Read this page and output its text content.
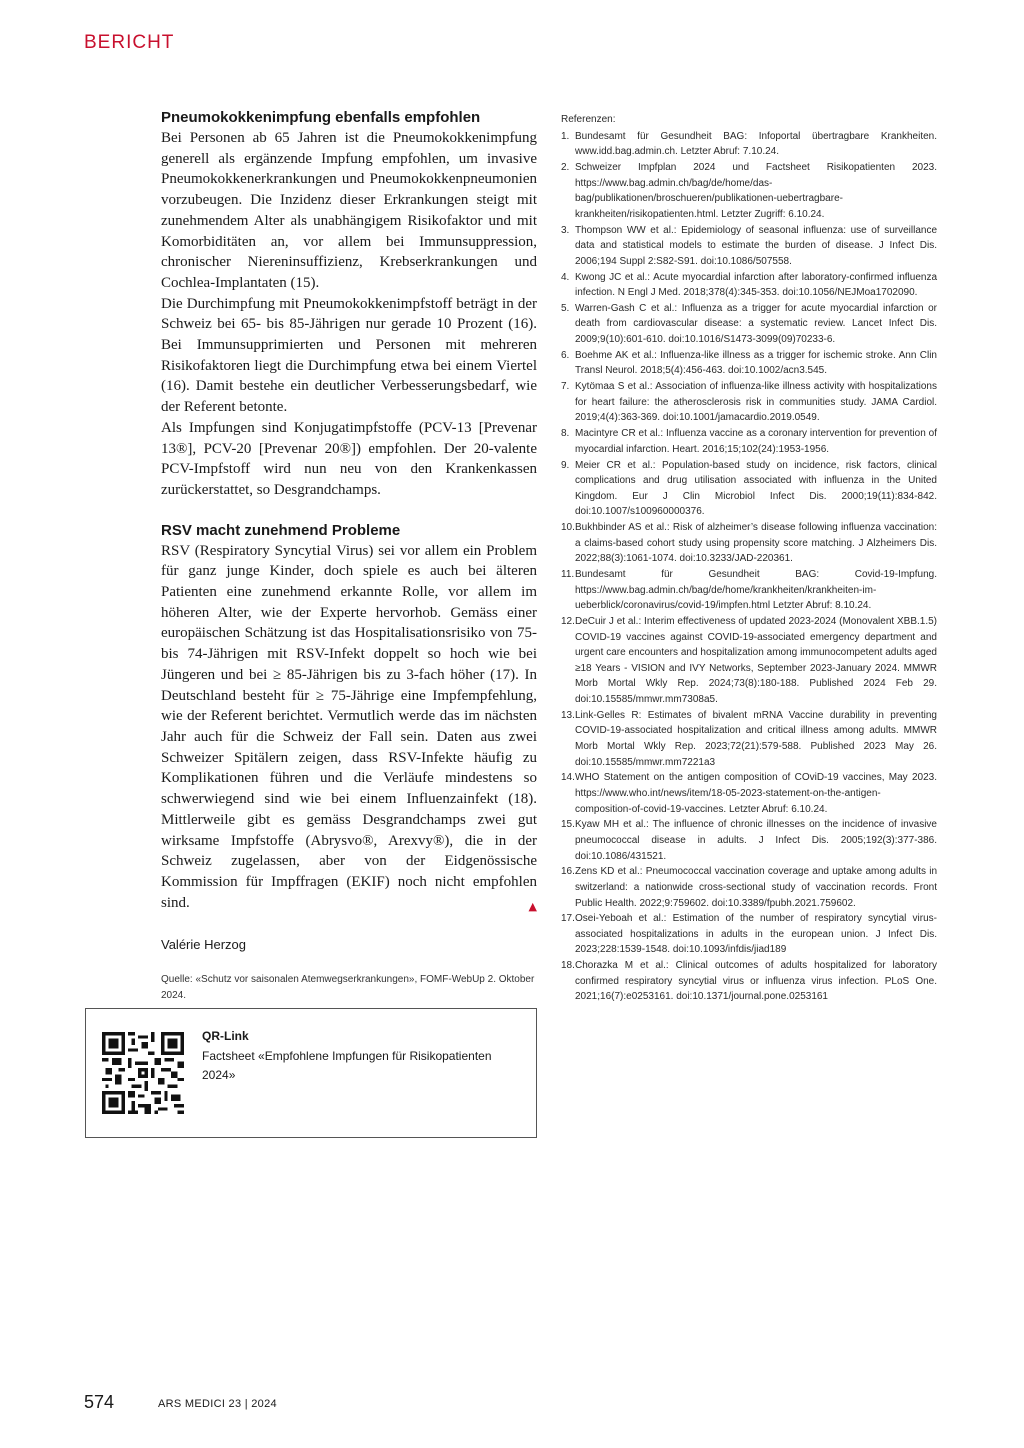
BERICHT
Pneumokokkenimpfung ebenfalls empfohlen

Bei Personen ab 65 Jahren ist die Pneumokokkenimpfung generell als ergänzende Impfung empfohlen, um invasive Pneumokokkenerkrankungen und Pneumokokkenpneumonien vorzubeugen. Die Inzidenz dieser Erkrankungen steigt mit zunehmendem Alter als unabhängigem Risikofaktor und mit Komorbiditäten an, vor allem bei Immunsuppression, chronischer Niereninsuffizienz, Krebserkrankungen und Cochlea-Implantaten (15).

Die Durchimpfung mit Pneumokokkenimpfstoff beträgt in der Schweiz bei 65- bis 85-Jährigen nur gerade 10 Prozent (16). Bei Immunsupprimierten und Personen mit mehreren Risikofaktoren liegt die Durchimpfung etwa bei einem Viertel (16). Damit bestehe ein deutlicher Verbesserungsbedarf, wie der Referent betonte.

Als Impfungen sind Konjugatimpfstoffe (PCV-13 [Prevenar 13®], PCV-20 [Prevenar 20®]) empfohlen. Der 20-valente PCV-Impfstoff wird nun neu von den Krankenkassen zurückerstattet, so Desgrandchamps.

RSV macht zunehmend Probleme

RSV (Respiratory Syncytial Virus) sei vor allem ein Problem für ganz junge Kinder, doch spiele es auch bei älteren Patienten eine zunehmend erkannte Rolle, vor allem im höheren Alter, wie der Experte hervorhob. Gemäss einer europäischen Schätzung ist das Hospitalisationsrisiko von 75- bis 74-Jährigen mit RSV-Infekt doppelt so hoch wie bei Jüngeren und bei ≥ 85-Jährigen bis zu 3-fach höher (17). In Deutschland besteht für ≥ 75-Jährige eine Impfempfehlung, wie der Referent berichtet. Vermutlich werde das im nächsten Jahr auch für die Schweiz der Fall sein. Daten aus zwei Schweizer Spitälern zeigen, dass RSV-Infekte häufig zu Komplikationen führen und die Verläufe mindestens so schwerwiegend sind wie bei einem Influenzainfekt (18). Mittlerweile gibt es gemäss Desgrandchamps zwei gut wirksame Impfstoffe (Abrysvo®, Arexvy®), die in der Schweiz zugelassen, aber von der Eidgenössische Kommission für Impffragen (EKIF) noch nicht empfohlen sind.	▲

Valérie Herzog
Quelle: «Schutz vor saisonalen Atemwegserkrankungen», FOMF-WebUp 2. Oktober 2024.
QR-Link
Factsheet «Empfohlene Impfungen für Risikopatienten 2024»
Referenzen:
1. Bundesamt für Gesundheit BAG: Infoportal übertragbare Krankheiten. www.idd.bag.admin.ch. Letzter Abruf: 7.10.24.
2. Schweizer Impfplan 2024 und Factsheet Risikopatienten 2023. https://www.bag.admin.ch/bag/de/home/das-bag/publikationen/broschueren/publikationen-uebertragbare-krankheiten/risikopatienten.html. Letzter Zugriff: 6.10.24.
3. Thompson WW et al.: Epidemiology of seasonal influenza: use of surveillance data and statistical models to estimate the burden of disease. J Infect Dis. 2006;194 Suppl 2:S82-S91. doi:10.1086/507558.
4. Kwong JC et al.: Acute myocardial infarction after laboratory-confirmed influenza infection. N Engl J Med. 2018;378(4):345-353. doi:10.1056/NEJMoa1702090.
5. Warren-Gash C et al.: Influenza as a trigger for acute myocardial infarction or death from cardiovascular disease: a systematic review. Lancet Infect Dis. 2009;9(10):601-610. doi:10.1016/S1473-3099(09)70233-6.
6. Boehme AK et al.: Influenza-like illness as a trigger for ischemic stroke. Ann Clin Transl Neurol. 2018;5(4):456-463. doi:10.1002/acn3.545.
7. Kytömaa S et al.: Association of influenza-like illness activity with hospitalizations for heart failure: the atherosclerosis risk in communities study. JAMA Cardiol. 2019;4(4):363-369. doi:10.1001/jamacardio.2019.0549.
8. Macintyre CR et al.: Influenza vaccine as a coronary intervention for prevention of myocardial infarction. Heart. 2016;15;102(24):1953-1956.
9. Meier CR et al.: Population-based study on incidence, risk factors, clinical complications and drug utilisation associated with influenza in the United Kingdom. Eur J Clin Microbiol Infect Dis. 2000;19(11):834-842. doi:10.1007/s100960000376.
10. Bukhbinder AS et al.: Risk of alzheimer’s disease following influenza vaccination: a claims-based cohort study using propensity score matching. J Alzheimers Dis. 2022;88(3):1061-1074. doi:10.3233/JAD-220361.
11. Bundesamt für Gesundheit BAG: Covid-19-Impfung. https://www.bag.admin.ch/bag/de/home/krankheiten/krankheiten-im-ueberblick/coronavirus/covid-19/impfen.html Letzter Abruf: 8.10.24.
12. DeCuir J et al.: Interim effectiveness of updated 2023-2024 (Monovalent XBB.1.5) COVID-19 vaccines against COVID-19-associated emergency department and urgent care encounters and hospitalization among immunocompetent adults aged ≥18 Years - VISION and IVY Networks, September 2023-January 2024. MMWR Morb Mortal Wkly Rep. 2024;73(8):180-188. Published 2024 Feb 29. doi:10.15585/mmwr.mm7308a5.
13. Link-Gelles R: Estimates of bivalent mRNA Vaccine durability in preventing COVID-19-associated hospitalization and critical illness among adults. MMWR Morb Mortal Wkly Rep. 2023;72(21):579-588. Published 2023 May 26. doi:10.15585/mmwr.mm7221a3
14. WHO Statement on the antigen composition of COviD-19 vaccines, May 2023. https://www.who.int/news/item/18-05-2023-statement-on-the-antigen-composition-of-covid-19-vaccines. Letzter Abruf: 6.10.24.
15. Kyaw MH et al.: The influence of chronic illnesses on the incidence of invasive pneumococcal disease in adults. J Infect Dis. 2005;192(3):377-386. doi:10.1086/431521.
16. Zens KD et al.: Pneumococcal vaccination coverage and uptake among adults in switzerland: a nationwide cross-sectional study of vaccination records. Front Public Health. 2022;9:759602. doi:10.3389/fpubh.2021.759602.
17. Osei-Yeboah et al.: Estimation of the number of respiratory syncytial virus-associated hospitalizations in adults in the european union. J Infect Dis. 2023;228:1539-1548. doi:10.1093/infdis/jiad189
18. Chorazka M et al.: Clinical outcomes of adults hospitalized for laboratory confirmed respiratory syncytial virus or influenza virus infection. PLoS One. 2021;16(7):e0253161. doi:10.1371/journal.pone.0253161
574	ARS MEDICI 23 | 2024
